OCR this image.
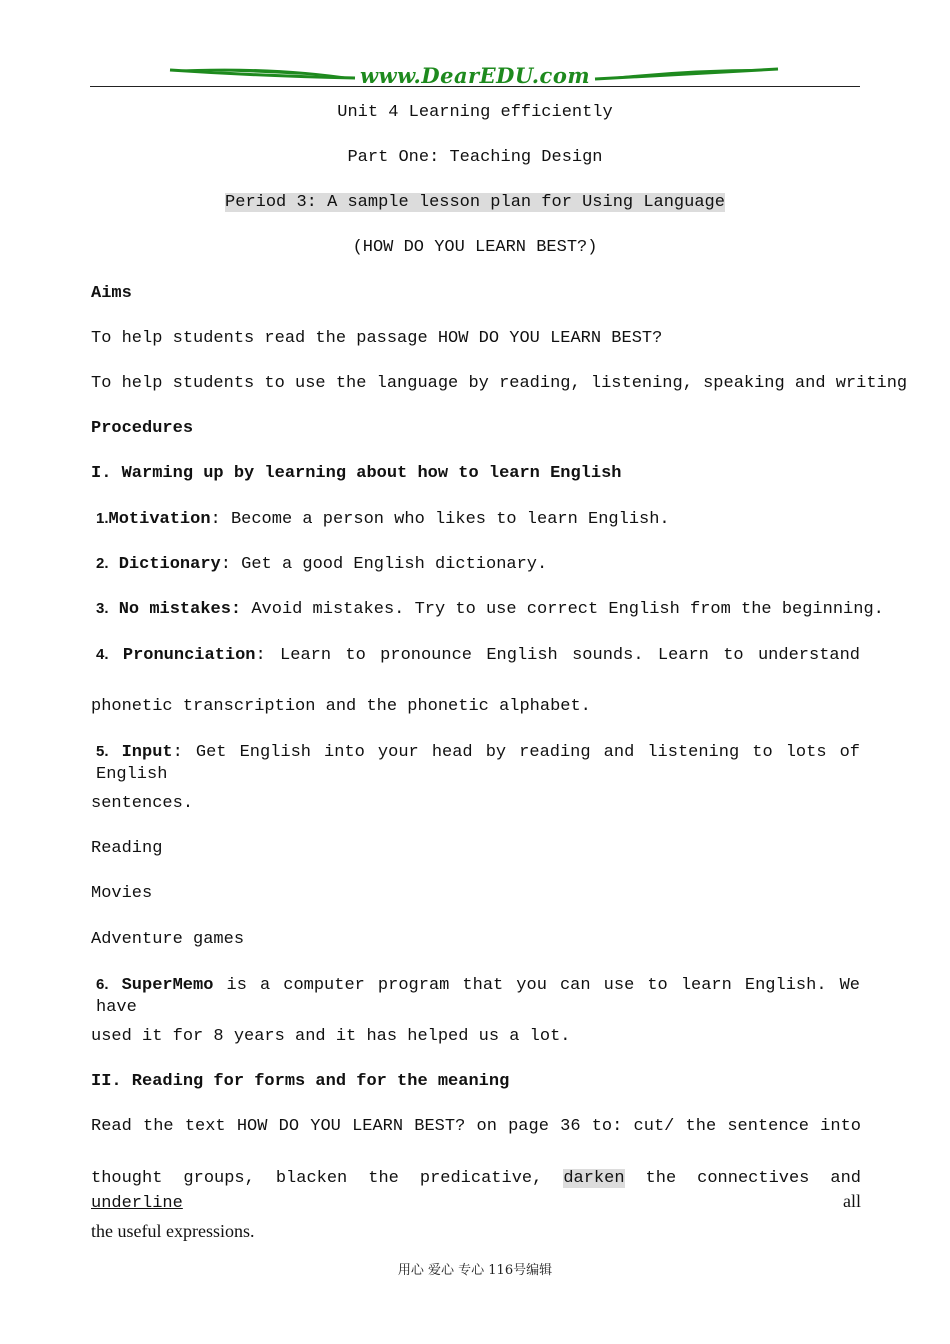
www.DearEDU.com
Unit 4 Learning efficiently
Part One: Teaching Design
Period 3: A sample lesson plan for Using Language
(HOW DO YOU LEARN BEST?)
Aims
To help students read the passage HOW DO YOU LEARN BEST?
To help students to use the language by reading, listening, speaking and writing
Procedures
I. Warming up by learning about how to learn English
1.Motivation: Become a person who likes to learn English.
2. Dictionary: Get a good English dictionary.
3. No mistakes: Avoid mistakes. Try to use correct English from the beginning.
4. Pronunciation: Learn to pronounce English sounds. Learn to understand
phonetic transcription and the phonetic alphabet.
5. Input: Get English into your head by reading and listening to lots of English
sentences.
Reading
Movies
Adventure games
6. SuperMemo is a computer program that you can use to learn English. We have
used it for 8 years and it has helped us a lot.
II. Reading for forms and for the meaning
Read the text HOW DO YOU LEARN BEST? on page 36 to: cut/ the sentence into
thought groups, blacken the predicative, darken the connectives and underline all
the useful expressions.
用心 爱心 专心 116号编辑
